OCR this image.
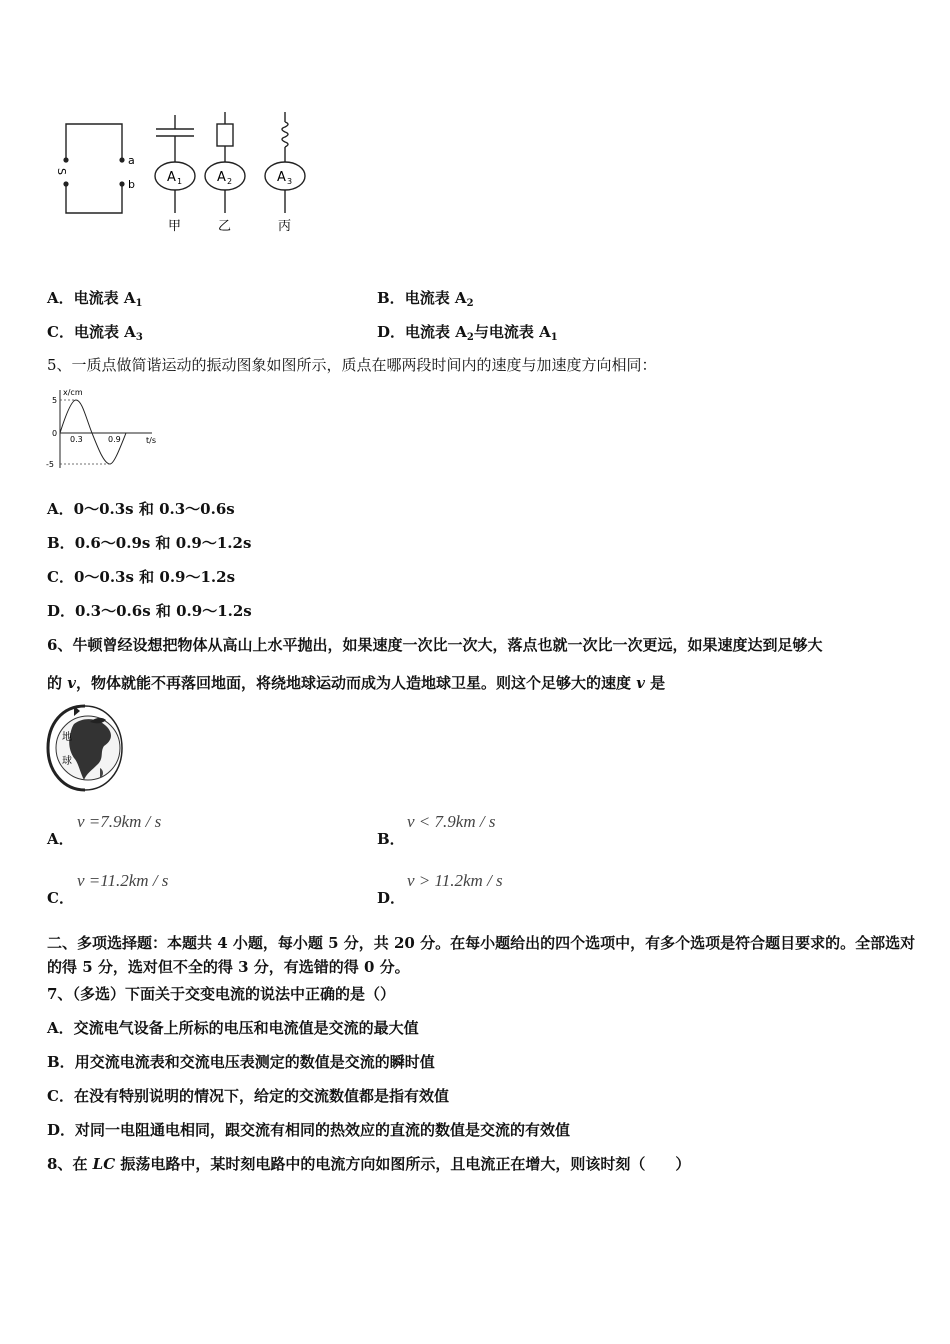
S
a
b A 1	A 2	A 3
甲	乙	丙
A．电流表 $A_1$	B．电流表 $A_2$
C．电流表 $A_3$	D．电流表 $A_2$与电流表 $A_1$
5、一质点做简谐运动的振动图象如图所示，质点在哪两段时间内的速度与加速度方向相同：
x/cm
t/s
5
-5
0
0.3	0.9
A．0～0.3s 和 0.3～0.6s
B．0.6～0.9s 和 0.9～1.2s
C．0～0.3s 和 0.9～1.2s
D．0.3～0.6s 和 0.9～1.2s
6、牛顿曾经设想把物体从高山上水平抛出，如果速度一次比一次大，落点也就一次比一次更远，如果速度达到足够大
的 v，物体就能不再落回地面，将绕地球运动而成为人造地球卫星。则这个足够大的速度 v 是
地
球
A．
v =7.9km / s
B．
v < 7.9km / s
C．
v =11.2km / s
D．
v > 11.2km / s
二、多项选择题：本题共 4 小题，每小题 5 分，共 20 分。在每小题给出的四个选项中，有多个选项是符合题目要求的。全部选对的得 5 分，选对但不全的得 3 分，有选错的得 0 分。
7、（多选）下面关于交变电流的说法中正确的是（）
A．交流电气设备上所标的电压和电流值是交流的最大值
B．用交流电流表和交流电压表测定的数值是交流的瞬时值
C．在没有特别说明的情况下，给定的交流数值都是指有效值
D．对同一电阻通电相同，跟交流有相同的热效应的直流的数值是交流的有效值
8、在 LC 振荡电路中，某时刻电路中的电流方向如图所示，且电流正在增大，则该时刻（　　）
